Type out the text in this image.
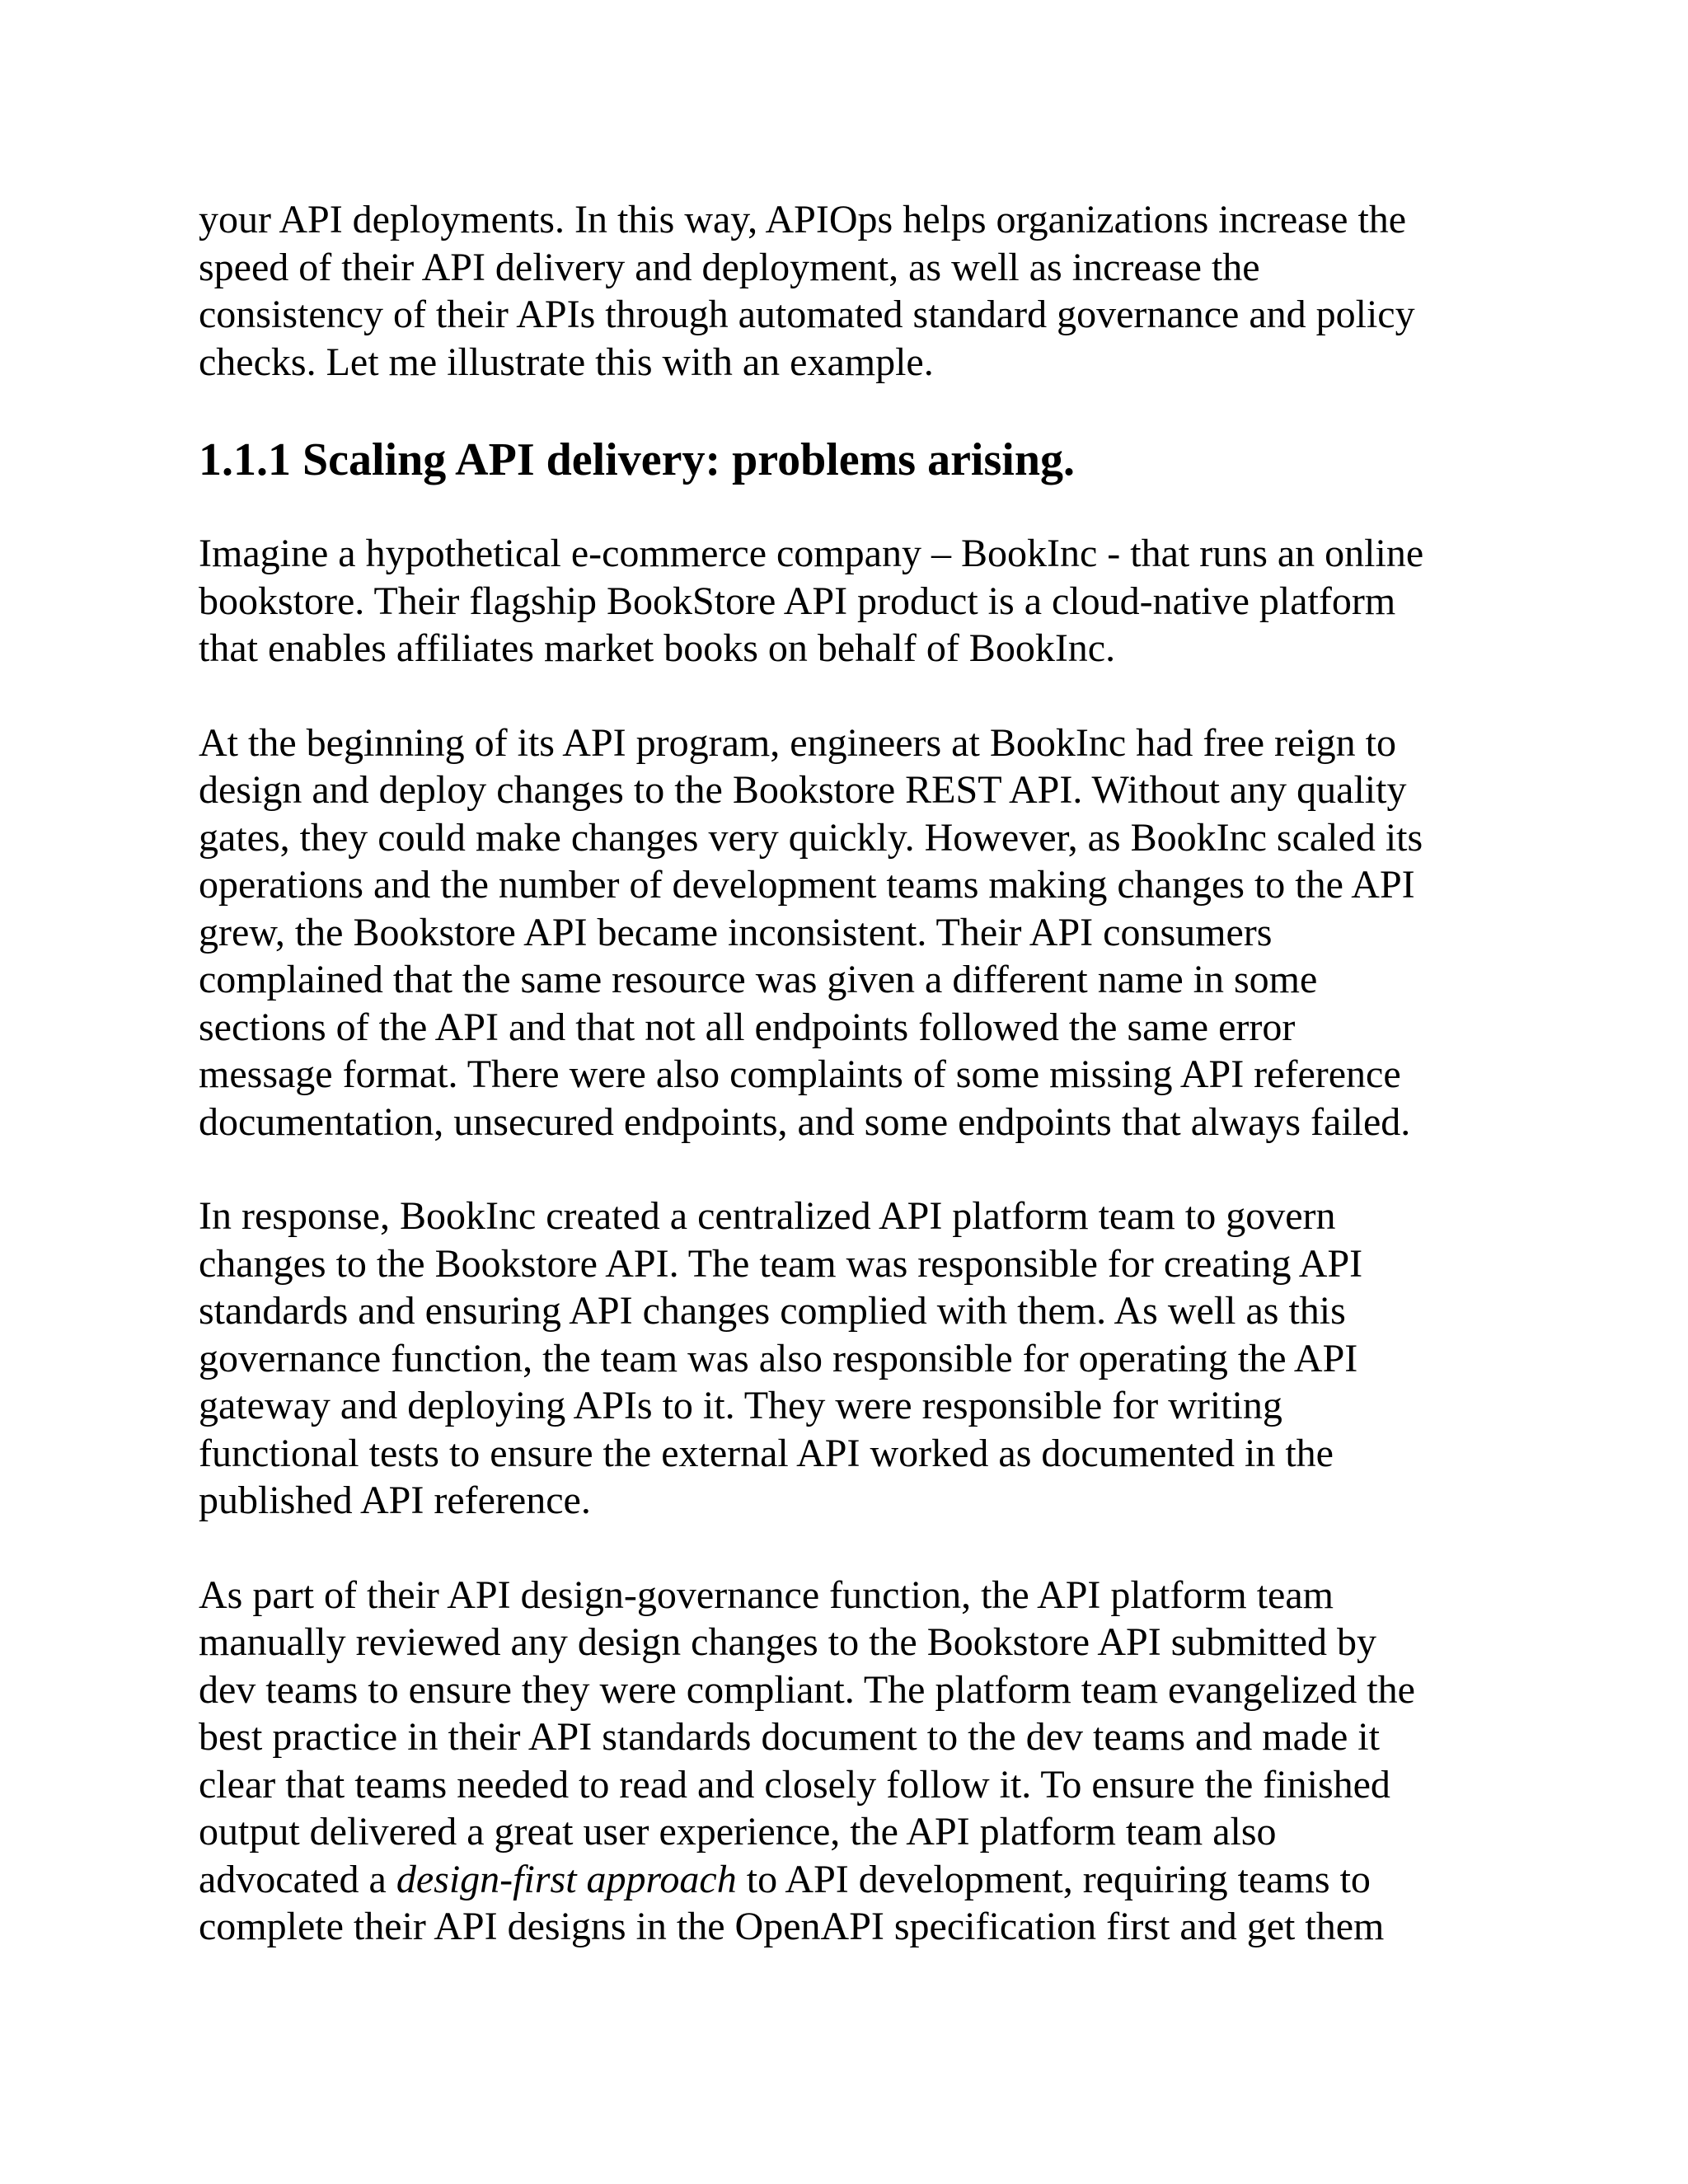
your API deployments. In this way, APIOps helps organizations increase the
speed of their API delivery and deployment, as well as increase the
consistency of their APIs through automated standard governance and policy
checks. Let me illustrate this with an example.

1.1.1 Scaling API delivery: problems arising.

Imagine a hypothetical e-commerce company – BookInc - that runs an online
bookstore. Their flagship BookStore API product is a cloud-native platform
that enables affiliates market books on behalf of BookInc.

At the beginning of its API program, engineers at BookInc had free reign to
design and deploy changes to the Bookstore REST API. Without any quality
gates, they could make changes very quickly. However, as BookInc scaled its
operations and the number of development teams making changes to the API
grew, the Bookstore API became inconsistent. Their API consumers
complained that the same resource was given a different name in some
sections of the API and that not all endpoints followed the same error
message format. There were also complaints of some missing API reference
documentation, unsecured endpoints, and some endpoints that always failed.

In response, BookInc created a centralized API platform team to govern
changes to the Bookstore API. The team was responsible for creating API
standards and ensuring API changes complied with them. As well as this
governance function, the team was also responsible for operating the API
gateway and deploying APIs to it. They were responsible for writing
functional tests to ensure the external API worked as documented in the
published API reference.

As part of their API design-governance function, the API platform team
manually reviewed any design changes to the Bookstore API submitted by
dev teams to ensure they were compliant. The platform team evangelized the
best practice in their API standards document to the dev teams and made it
clear that teams needed to read and closely follow it. To ensure the finished
output delivered a great user experience, the API platform team also
advocated a design-first approach to API development, requiring teams to
complete their API designs in the OpenAPI specification first and get them
